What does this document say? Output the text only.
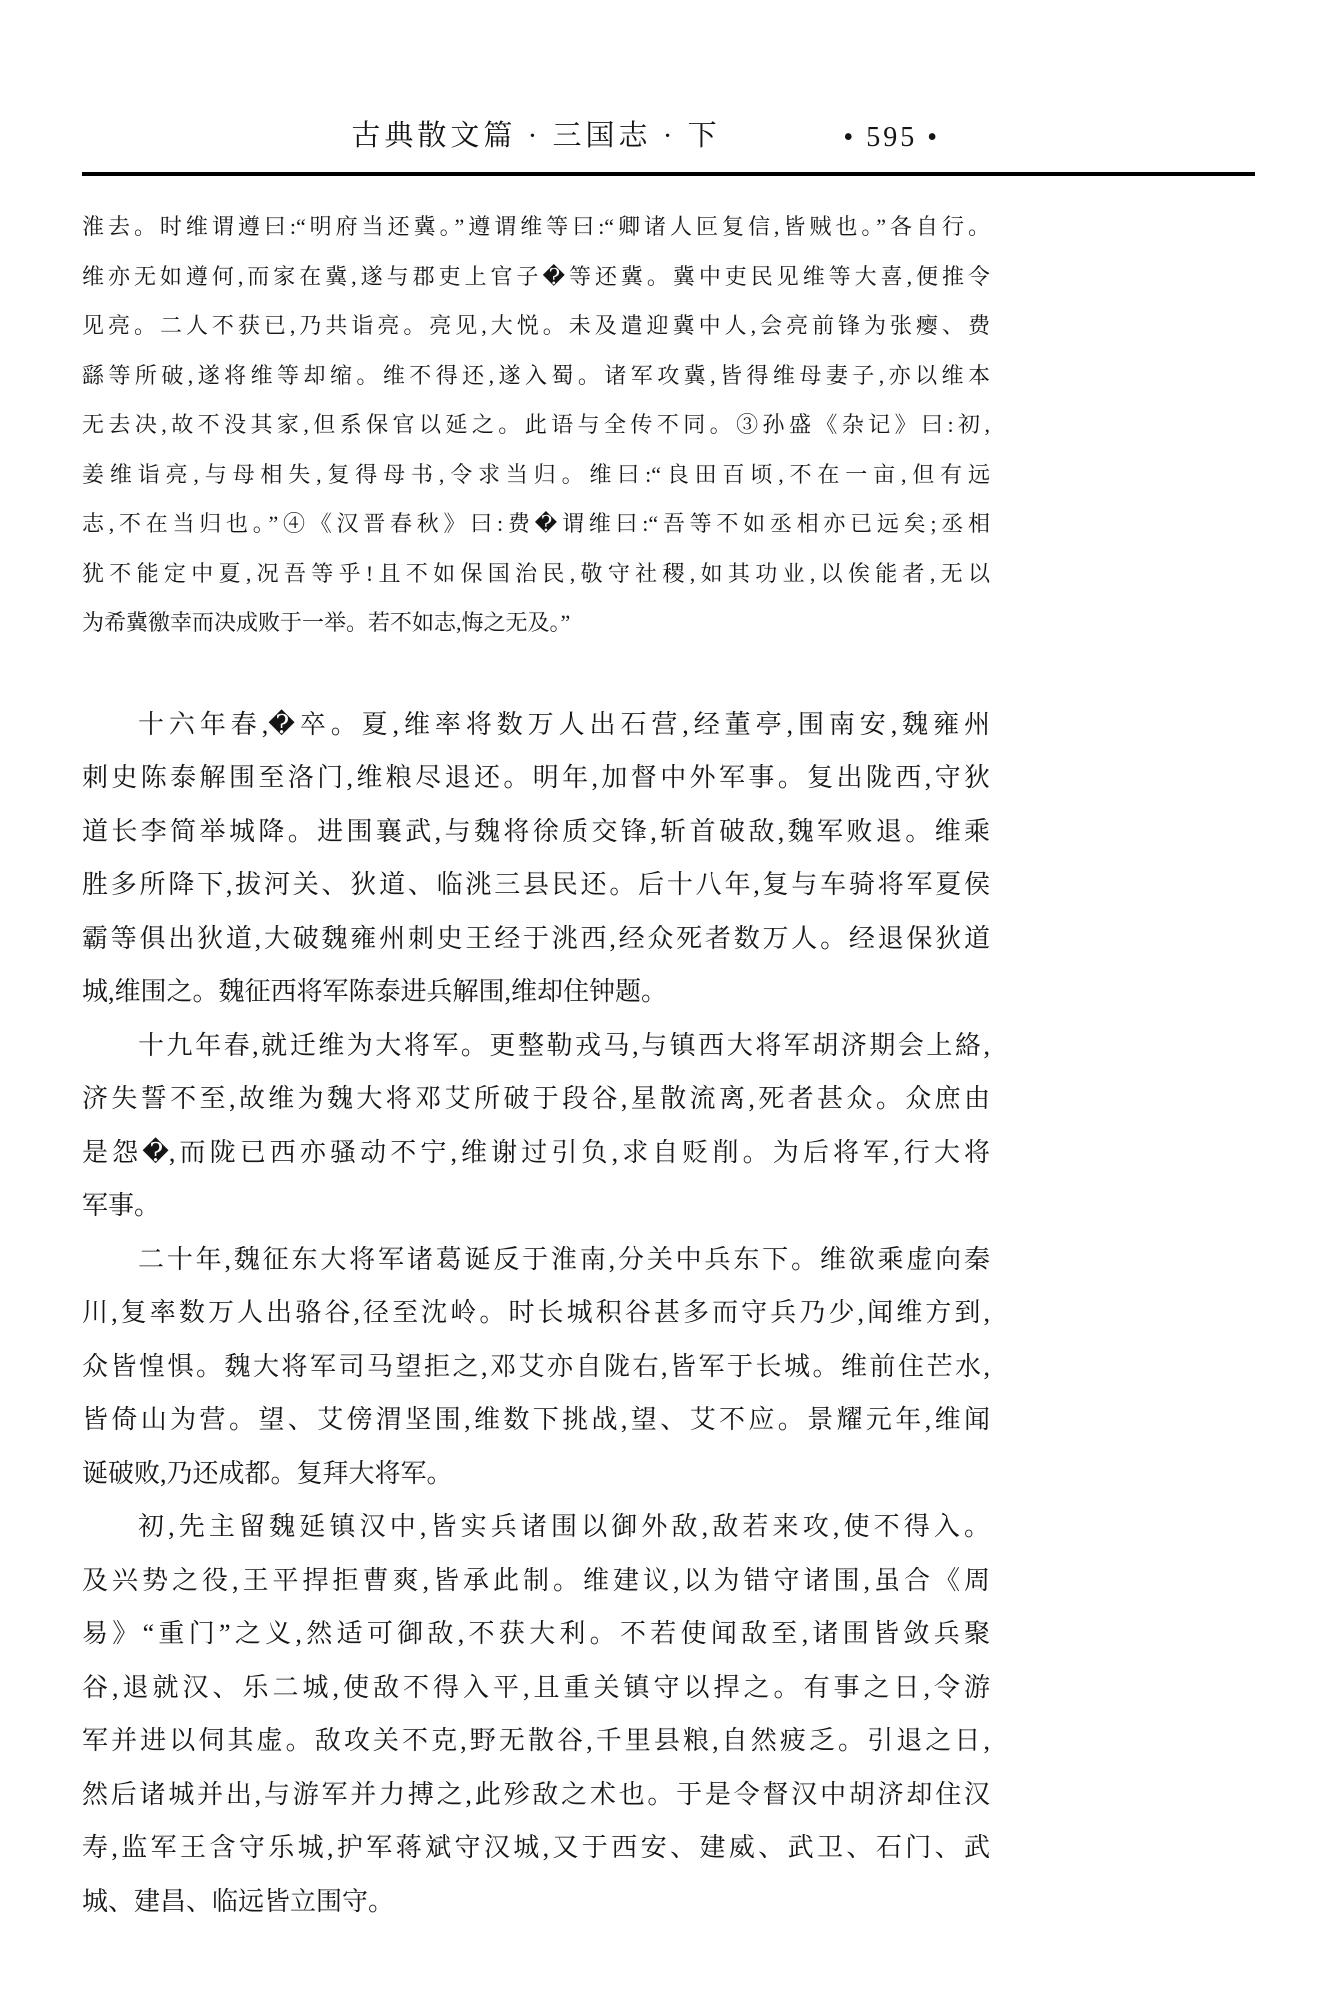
古典散文篇 · 三国志 · 下	• 595 •
淮去。时维谓遵曰:“明府当还冀。”遵谓维等曰:“卿诸人叵复信,皆贼也。”各自行。
维亦无如遵何,而家在冀,遂与郡吏上官子�等还冀。冀中吏民见维等大喜,便推令
见亮。二人不获已,乃共诣亮。亮见,大悦。未及遣迎冀中人,会亮前锋为张瘿、费
繇等所破,遂将维等却缩。维不得还,遂入蜀。诸军攻冀,皆得维母妻子,亦以维本
无去决,故不没其家,但系保官以延之。此语与全传不同。③孙盛《杂记》曰:初,
姜维诣亮,与母相失,复得母书,令求当归。维曰:“良田百顷,不在一亩,但有远
志,不在当归也。”④《汉晋春秋》曰:费�谓维曰:“吾等不如丞相亦已远矣;丞相
犹不能定中夏,况吾等乎!且不如保国治民,敬守社稷,如其功业,以俟能者,无以
为希冀徼幸而决成败于一举。若不如志,悔之无及。”
十六年春,�卒。夏,维率将数万人出石营,经董亭,围南安,魏雍州
刺史陈泰解围至洛门,维粮尽退还。明年,加督中外军事。复出陇西,守狄
道长李简举城降。进围襄武,与魏将徐质交锋,斩首破敌,魏军败退。维乘
胜多所降下,拔河关、狄道、临洮三县民还。后十八年,复与车骑将军夏侯
霸等俱出狄道,大破魏雍州刺史王经于洮西,经众死者数万人。经退保狄道
城,维围之。魏征西将军陈泰进兵解围,维却住钟题。
十九年春,就迁维为大将军。更整勒戎马,与镇西大将军胡济期会上絡,
济失誓不至,故维为魏大将邓艾所破于段谷,星散流离,死者甚众。众庶由
是怨�,而陇已西亦骚动不宁,维谢过引负,求自贬削。为后将军,行大将
军事。
二十年,魏征东大将军诸葛诞反于淮南,分关中兵东下。维欲乘虚向秦
川,复率数万人出骆谷,径至沈岭。时长城积谷甚多而守兵乃少,闻维方到,
众皆惶惧。魏大将军司马望拒之,邓艾亦自陇右,皆军于长城。维前住芒水,
皆倚山为营。望、艾傍渭坚围,维数下挑战,望、艾不应。景耀元年,维闻
诞破败,乃还成都。复拜大将军。
初,先主留魏延镇汉中,皆实兵诸围以御外敌,敌若来攻,使不得入。
及兴势之役,王平捍拒曹爽,皆承此制。维建议,以为错守诸围,虽合《周
易》“重门”之义,然适可御敌,不获大利。不若使闻敌至,诸围皆敛兵聚
谷,退就汉、乐二城,使敌不得入平,且重关镇守以捍之。有事之日,令游
军并进以伺其虚。敌攻关不克,野无散谷,千里县粮,自然疲乏。引退之日,
然后诸城并出,与游军并力搏之,此殄敌之术也。于是令督汉中胡济却住汉
寿,监军王含守乐城,护军蒋斌守汉城,又于西安、建威、武卫、石门、武
城、建昌、临远皆立围守。
